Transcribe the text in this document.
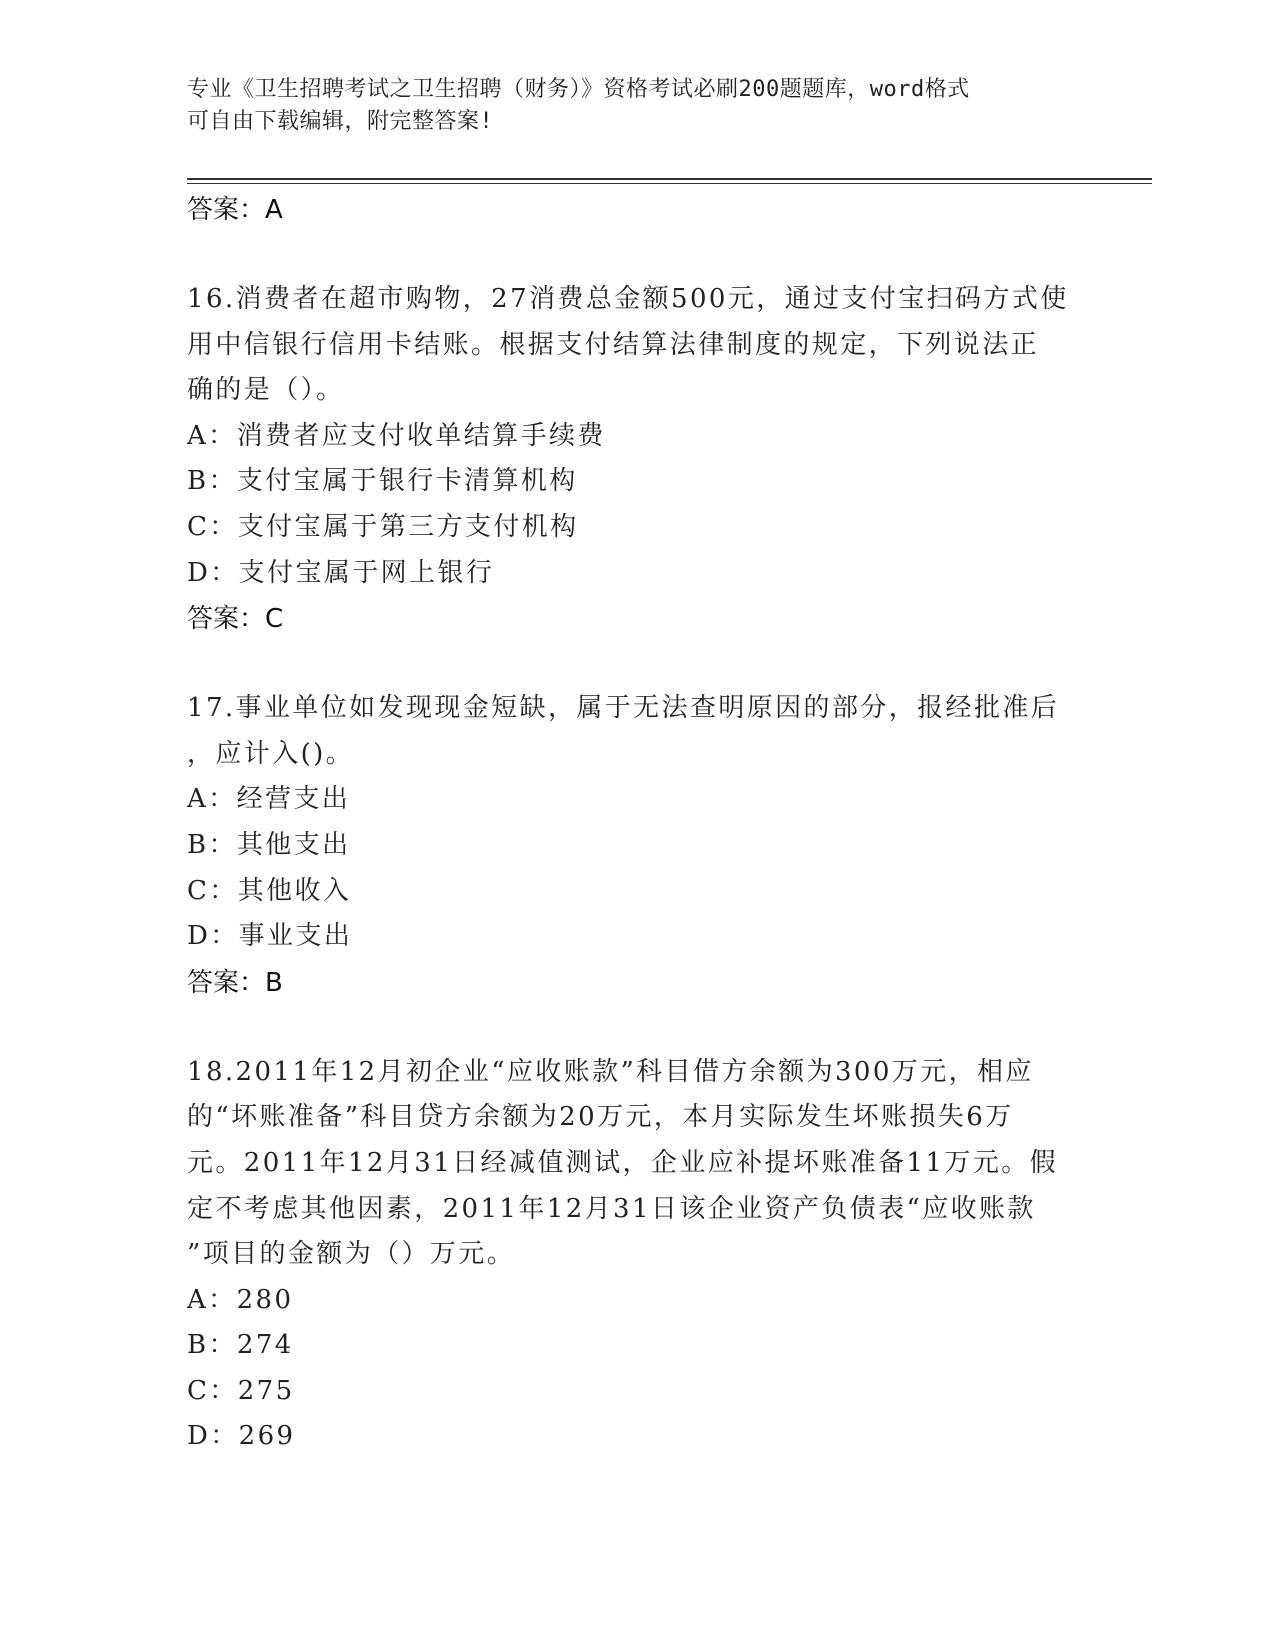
专业《卫生招聘考试之卫生招聘（财务）》资格考试必刷200题题库，word格式
可自由下载编辑，附完整答案!
答案：A
16.消费者在超市购物，27消费总金额500元，通过支付宝扫码方式使
用中信银行信用卡结账。根据支付结算法律制度的规定，下列说法正
确的是（）。
A：消费者应支付收单结算手续费
B：支付宝属于银行卡清算机构
C：支付宝属于第三方支付机构
D：支付宝属于网上银行
答案：C
17.事业单位如发现现金短缺，属于无法查明原因的部分，报经批准后
，应计入()。
A：经营支出
B：其他支出
C：其他收入
D：事业支出
答案：B
18.2011年12月初企业“应收账款”科目借方余额为300万元，相应
的“坏账准备”科目贷方余额为20万元，本月实际发生坏账损失6万
元。2011年12月31日经减值测试，企业应补提坏账准备11万元。假
定不考虑其他因素，2011年12月31日该企业资产负债表“应收账款
”项目的金额为（）万元。
A：280
B：274
C：275
D：269
